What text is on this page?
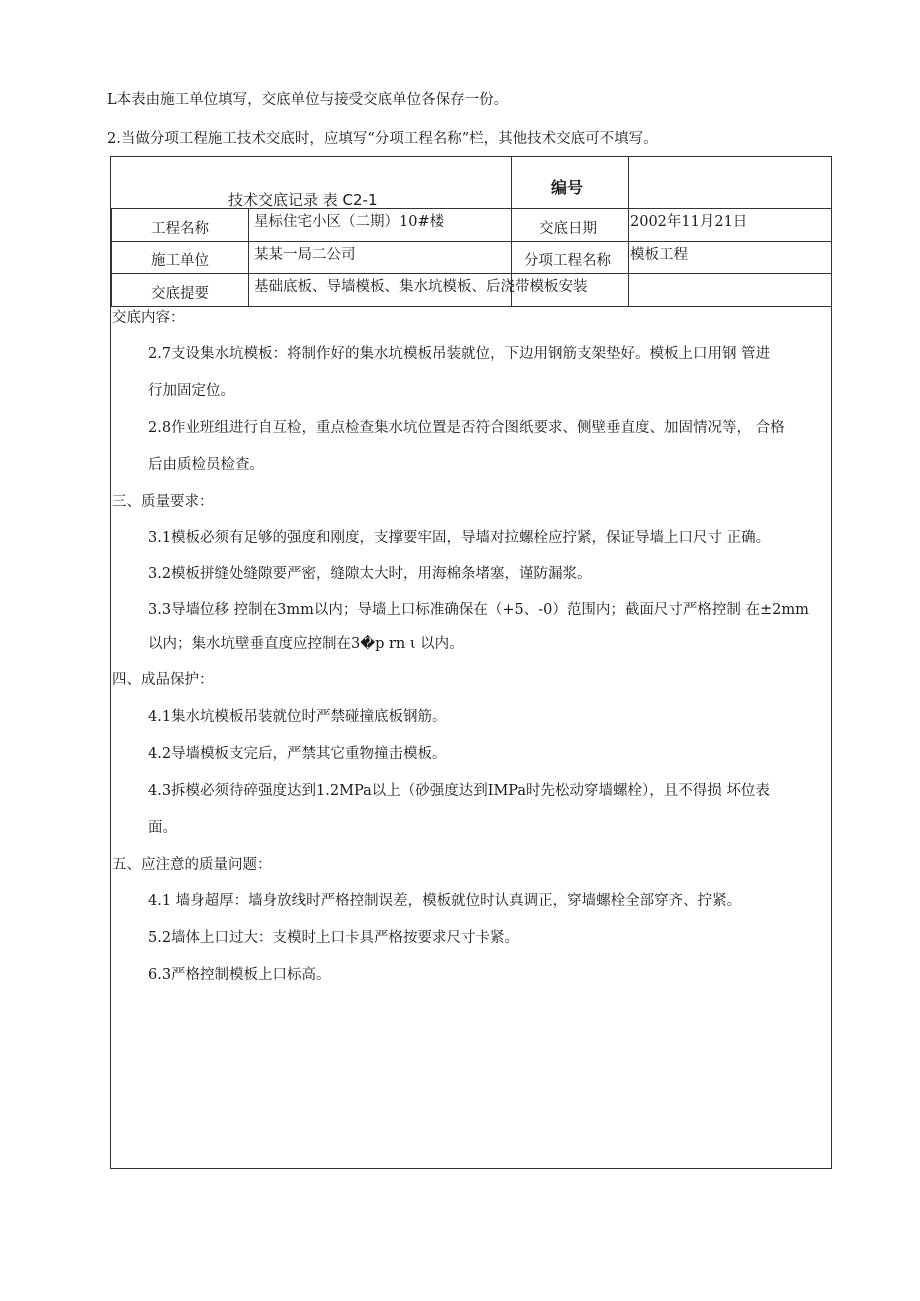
L本表由施工单位填写，交底单位与接受交底单位各保存一份。
2.当做分项工程施工技术交底时，应填写“分项工程名称”栏，其他技术交底可不填写。
技术交底记录 表 C2-1
编号
工程名称	星标住宅小区（二期）10#楼	交底日期 2002年11月21日
施工单位	某某一局二公司	分项工程名称 模板工程
交底提要	基础底板、导墙模板、集水坑模板、后浇带模板安装

交底内容：

2.7支设集水坑模板：将制作好的集水坑模板吊装就位，下边用钢筋支架垫好。模板上口用钢 管进

行加固定位。

2.8作业班组进行自互检，重点检查集水坑位置是否符合图纸要求、侧壁垂直度、加固情况等， 合格

后由质检员检查。

三、质量要求：

3.1模板必须有足够的强度和刚度，支撑要牢固，导墙对拉螺栓应拧紧，保证导墙上口尺寸 正确。

3.2模板拼缝处缝隙要严密，缝隙太大时，用海棉条堵塞，谨防漏浆。

3.3导墙位移 控制在3mm以内；导墙上口标准确保在（+5、-0）范围内；截面尺寸严格控制 在±2mm

以内；集水坑壁垂直度应控制在3�р rn ι 以内。

四、成品保护：

4.1集水坑模板吊装就位时严禁碰撞底板钢筋。

4.2导墙模板支完后，严禁其它重物撞击模板。

4.3拆模必须待碎强度达到1.2MPa以上（砂强度达到IMPa时先松动穿墙螺栓），且不得损 坏位表

面。

五、应注意的质量问题：

4.1 墙身超厚：墙身放线时严格控制误差，模板就位时认真调正，穿墙螺栓全部穿齐、拧紧。

5.2墙体上口过大：支模时上口卡具严格按要求尺寸卡紧。

6.3严格控制模板上口标高。
